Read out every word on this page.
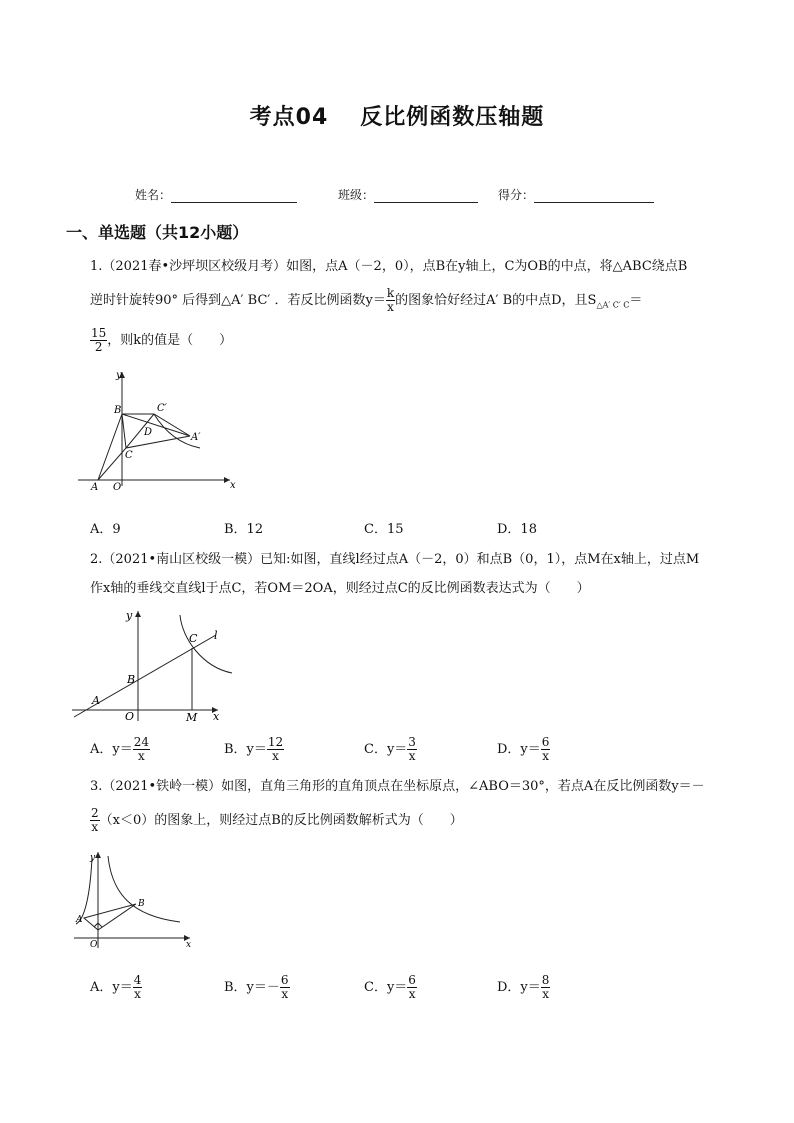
考点04 反比例函数压轴题
姓名：	班级：	得分：
一、单选题（共12小题）
1.（2021春•沙坪坝区校级月考）如图，点A（－2，0），点B在y轴上，C为OB的中点，将△ABC绕点B
逆时针旋转90° 后得到△A′ BC′ ．若反比例函数$y= \frac{k}{x}$ 的图象恰好经过A′ B的中点D，且$S_{\triangle A' C' C}=$
$\frac{15}{2}$ ，则k的值是（　　）
y
x
B	C′
D	A′
C
A O
A．9	B．12	C．15	D．18
2.（2021•南山区校级一模）已知:如图，直线l经过点A（－2，0）和点B（0，1），点M在x轴上，过点M
作x轴的垂线交直线l于点C，若OM＝2OA，则经过点C的反比例函数表达式为（　　）
y
x
C l
B
A
O	M
A．$y= \frac{24}{x}$	B．$y= \frac{12}{x}$	C．$y= \frac{3}{x}$	D．$y= \frac{6}{x}$
3.（2021•铁岭一模）如图，直角三角形的直角顶点在坐标原点，∠ABO＝30°，若点A在反比例函数y＝－
$\frac{2}{x} (x<0)$的图象上，则经过点B的反比例函数解析式为（　　）
y
x
A
B
O
A．$y= \frac{4}{x}$	B．$y=- \frac{6}{x}$	C．$y= \frac{6}{x}$	D．$y= \frac{8}{x}$
